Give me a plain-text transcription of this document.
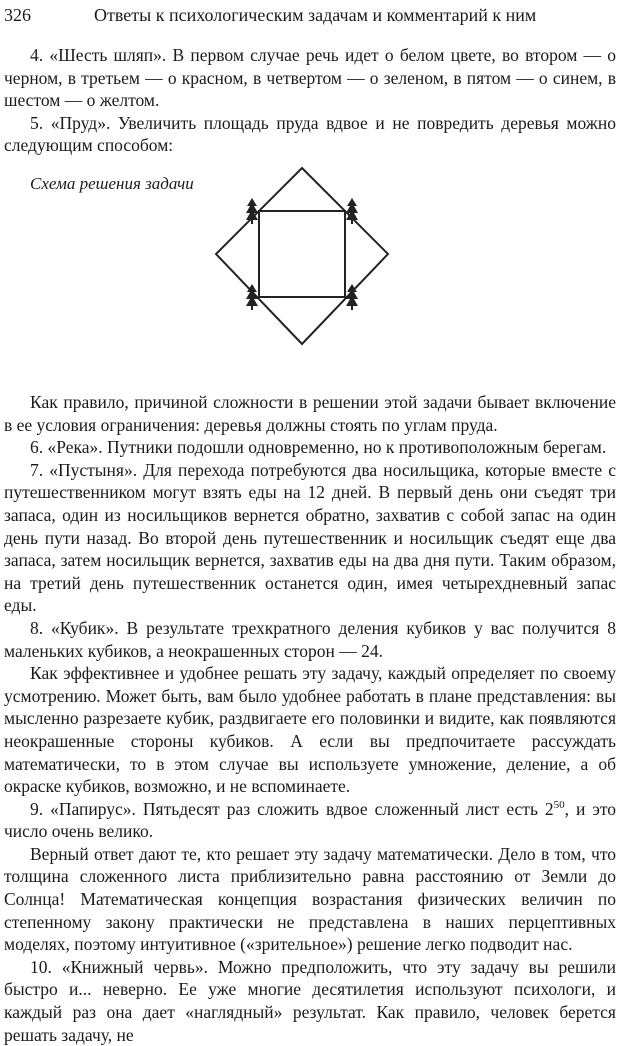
326	Ответы к психологическим задачам и комментарий к ним

4. «Шесть шляп». В первом случае речь идет о белом цвете, во втором — о черном, в третьем — о красном, в четвертом — о зеленом, в пятом — о синем, в шестом — о желтом.

5. «Пруд». Увеличить площадь пруда вдвое и не повредить деревья можно следующим способом:

Схема решения задачи

Как правило, причиной сложности в решении этой задачи бывает включение в ее условия ограничения: деревья должны стоять по углам пруда.

6. «Река». Путники подошли одновременно, но к противоположным берегам.

7. «Пустыня». Для перехода потребуются два носильщика, которые вместе с путешественником могут взять еды на 12 дней. В первый день они съедят три запаса, один из носильщиков вернется обратно, захватив с собой запас на один день пути назад. Во второй день путешественник и носильщик съедят еще два запаса, затем носильщик вернется, захватив еды на два дня пути. Таким образом, на третий день путешественник останется один, имея четырехдневный запас еды.

8. «Кубик». В результате трехкратного деления кубиков у вас получится 8 маленьких кубиков, а неокрашенных сторон — 24.

Как эффективнее и удобнее решать эту задачу, каждый определяет по своему усмотрению. Может быть, вам было удобнее работать в плане представления: вы мысленно разрезаете кубик, раздвигаете его половинки и видите, как появляются неокрашенные стороны кубиков. А если вы предпочитаете рассуждать математически, то в этом случае вы используете умножение, деление, а об окраске кубиков, возможно, и не вспоминаете.

9. «Папирус». Пятьдесят раз сложить вдвое сложенный лист есть $2^{50}$, и это число очень велико.

Верный ответ дают те, кто решает эту задачу математически. Дело в том, что толщина сложенного листа приблизительно равна расстоянию от Земли до Солнца! Математическая концепция возрастания физических величин по степенному закону практически не представлена в наших перцептивных моделях, поэтому интуитивное («зрительное») решение легко подводит нас.

10. «Книжный червь». Можно предположить, что эту задачу вы решили быстро и... неверно. Ее уже многие десятилетия используют психологи, и каждый раз она дает «наглядный» результат. Как правило, человек берется решать задачу, не
